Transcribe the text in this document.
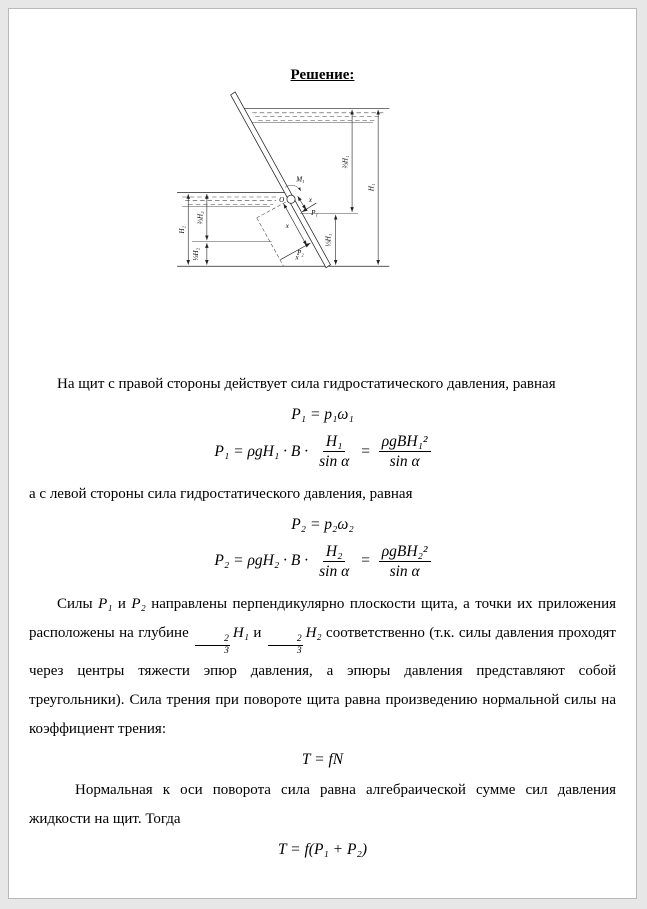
Решение:
H₁
⅔H₁
⅓H₁
H₂
⅔H₂
⅓H₂
x
x
x
P₁
P₂
O
M₁

На щит с правой стороны действует сила гидростатического давления, равная

P₁ = p₁ω₁
$P_1 = \rho gH_1 \cdot B \cdot \frac{\text{H₁}}{\text{sin α}} = \frac{\text{ρgBH₁²}}{\text{sin α}}$

а с левой стороны сила гидростатического давления, равная

P₂ = p₂ω₂
$P_2 = \rho gH_2 \cdot B \cdot \frac{\text{H₂}}{\text{sin α}} = \frac{\text{ρgBH₂²}}{\text{sin α}}$

Силы P₁ и P₂ направлены перпендикулярно плоскости щита, а точки их приложения расположены на глубине
$\frac{2}{3}$
H₁ и
$\frac{2}{3}$
H₂ соответственно (т.к. силы давления проходят через центры тяжести эпюр давления, а эпюры давления представляют собой треугольники). Сила трения при повороте щита равна произведению нормальной силы на коэффициент трения:

T = fN

Нормальная к оси поворота сила равна алгебраической сумме сил давления жидкости на щит. Тогда

T = f(P₁ + P₂)
